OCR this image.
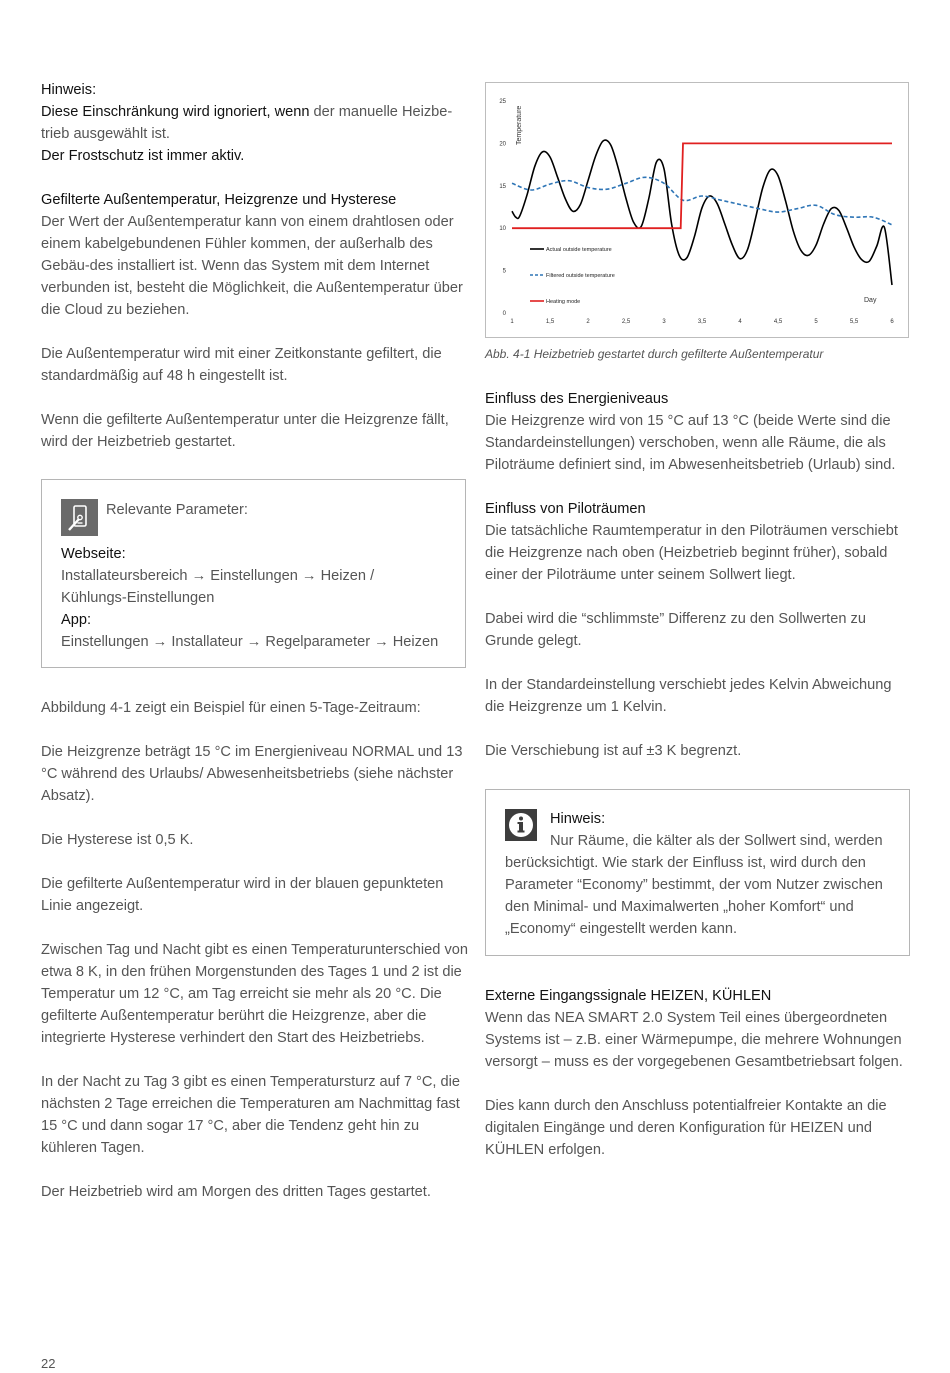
Hinweis:

Diese Einschränkung wird ignoriert, wenn der manuelle Heizbe-

trieb ausgewählt ist.

Der Frostschutz ist immer aktiv.

Gefilterte Außentemperatur, Heizgrenze und Hysterese

Der Wert der Außentemperatur kann von einem drahtlosen oder einem kabelgebundenen Fühler kommen, der außerhalb des Gebäu-des installiert ist. Wenn das System mit dem Internet verbunden ist, besteht die Möglichkeit, die Außentemperatur über die Cloud zu beziehen.

Die Außentemperatur wird mit einer Zeitkonstante gefiltert, die standardmäßig auf 48 h eingestellt ist.

Wenn die gefilterte Außentemperatur unter die Heizgrenze fällt, wird der Heizbetrieb gestartet.

Relevante Parameter:

Webseite:

Installateursbereich → Einstellungen → Heizen /

Kühlungs-Einstellungen

App:

Einstellungen → Installateur → Regelparameter → Heizen

Abbildung 4-1 zeigt ein Beispiel für einen 5-Tage-Zeitraum:

Die Heizgrenze beträgt 15 °C im Energieniveau NORMAL und 13 °C während des Urlaubs/ Abwesenheitsbetriebs (siehe nächster Absatz).

Die Hysterese ist 0,5 K.

Die gefilterte Außentemperatur wird in der blauen gepunkteten Linie angezeigt.

Zwischen Tag und Nacht gibt es einen Temperaturunterschied von etwa 8 K, in den frühen Morgenstunden des Tages 1 und 2 ist die Temperatur um 12 °C, am Tag erreicht sie mehr als 20 °C. Die gefilterte Außentemperatur berührt die Heizgrenze, aber die integrierte Hysterese verhindert den Start des Heizbetriebs.

In der Nacht zu Tag 3 gibt es einen Temperatursturz auf 7 °C, die nächsten 2 Tage erreichen die Temperaturen am Nachmittag fast 15 °C und dann sogar 17 °C, aber die Tendenz geht hin zu kühleren Tagen.

Der Heizbetrieb wird am Morgen des dritten Tages gestartet.

0
5
10
15
20
25
1	1,5	2	2,5	3	3,5	4	4,5	5	5,5	6
Temperature
Day
Actual outside temperature
Filtered outside temperature
Heating mode
Abb. 4-1 Heizbetrieb gestartet durch gefilterte Außentemperatur

Einfluss des Energieniveaus

Die Heizgrenze wird von 15 °C auf 13 °C (beide Werte sind die Standardeinstellungen) verschoben, wenn alle Räume, die als Piloträume definiert sind, im Abwesenheitsbetrieb (Urlaub) sind.

Einfluss von Piloträumen

Die tatsächliche Raumtemperatur in den Piloträumen verschiebt die Heizgrenze nach oben (Heizbetrieb beginnt früher), sobald einer der Piloträume unter seinem Sollwert liegt.

Dabei wird die “schlimmste” Differenz zu den Sollwerten zu Grunde gelegt.

In der Standardeinstellung verschiebt jedes Kelvin Abweichung die Heizgrenze um 1 Kelvin.

Die Verschiebung ist auf ±3 K begrenzt.

Hinweis:

Nur Räume, die kälter als der Sollwert sind, werden

berücksichtigt. Wie stark der Einfluss ist, wird durch den Parameter “Economy” bestimmt, der vom Nutzer zwischen den Minimal- und Maximalwerten „hoher Komfort“ und „Economy“ eingestellt werden kann.

Externe Eingangssignale HEIZEN, KÜHLEN

Wenn das NEA SMART 2.0 System Teil eines übergeordneten Systems ist – z.B. einer Wärmepumpe, die mehrere Wohnungen versorgt – muss es der vorgegebenen Gesamtbetriebsart folgen.

Dies kann durch den Anschluss potentialfreier Kontakte an die digitalen Eingänge und deren Konfiguration für HEIZEN und KÜHLEN erfolgen.

22
